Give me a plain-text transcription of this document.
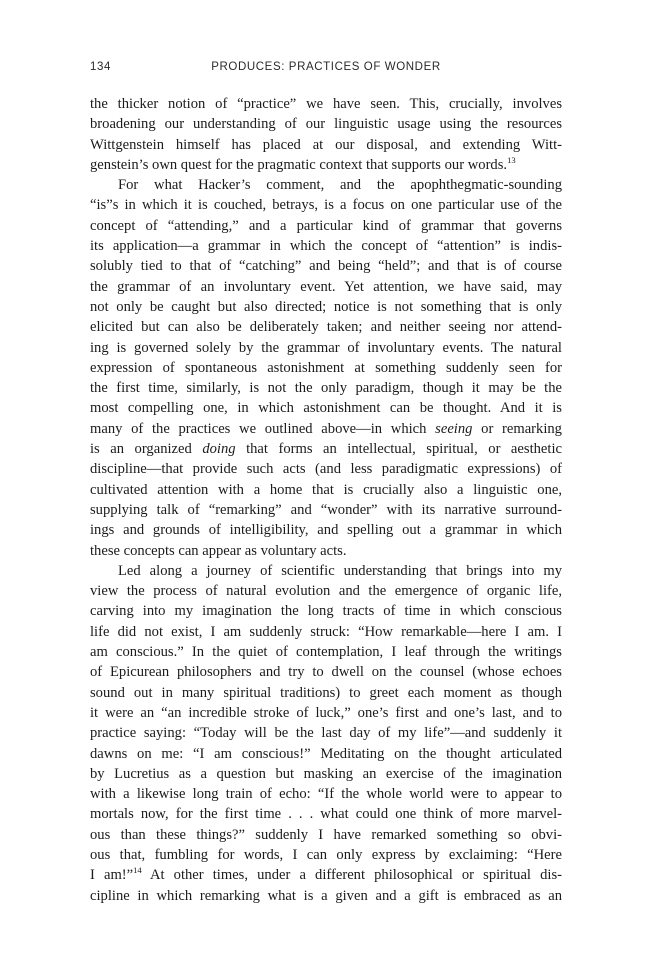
134	PRODUCES: PRACTICES OF WONDER
the thicker notion of “practice” we have seen. This, crucially, involves
broadening our understanding of our linguistic usage using the resources
Wittgenstein himself has placed at our disposal, and extending Witt-
genstein’s own quest for the pragmatic context that supports our words.$^{13}$
For what Hacker’s comment, and the apophthegmatic-sounding
“is”s in which it is couched, betrays, is a focus on one particular use of the
concept of “attending,” and a particular kind of grammar that governs
its application—a grammar in which the concept of “attention” is indis-
solubly tied to that of “catching” and being “held”; and that is of course
the grammar of an involuntary event. Yet attention, we have said, may
not only be caught but also directed; notice is not something that is only
elicited but can also be deliberately taken; and neither seeing nor attend-
ing is governed solely by the grammar of involuntary events. The natural
expression of spontaneous astonishment at something suddenly seen for
the first time, similarly, is not the only paradigm, though it may be the
most compelling one, in which astonishment can be thought. And it is
many of the practices we outlined above—in which seeing or remarking
is an organized doing that forms an intellectual, spiritual, or aesthetic
discipline—that provide such acts (and less paradigmatic expressions) of
cultivated attention with a home that is crucially also a linguistic one,
supplying talk of “remarking” and “wonder” with its narrative surround-
ings and grounds of intelligibility, and spelling out a grammar in which
these concepts can appear as voluntary acts.
Led along a journey of scientific understanding that brings into my
view the process of natural evolution and the emergence of organic life,
carving into my imagination the long tracts of time in which conscious
life did not exist, I am suddenly struck: “How remarkable—here I am. I
am conscious.” In the quiet of contemplation, I leaf through the writings
of Epicurean philosophers and try to dwell on the counsel (whose echoes
sound out in many spiritual traditions) to greet each moment as though
it were an “an incredible stroke of luck,” one’s first and one’s last, and to
practice saying: “Today will be the last day of my life”—and suddenly it
dawns on me: “I am conscious!” Meditating on the thought articulated
by Lucretius as a question but masking an exercise of the imagination
with a likewise long train of echo: “If the whole world were to appear to
mortals now, for the first time . . . what could one think of more marvel-
ous than these things?” suddenly I have remarked something so obvi-
ous that, fumbling for words, I can only express by exclaiming: “Here
I am!”$^{14}$ At other times, under a different philosophical or spiritual dis-
cipline in which remarking what is a given and a gift is embraced as an
